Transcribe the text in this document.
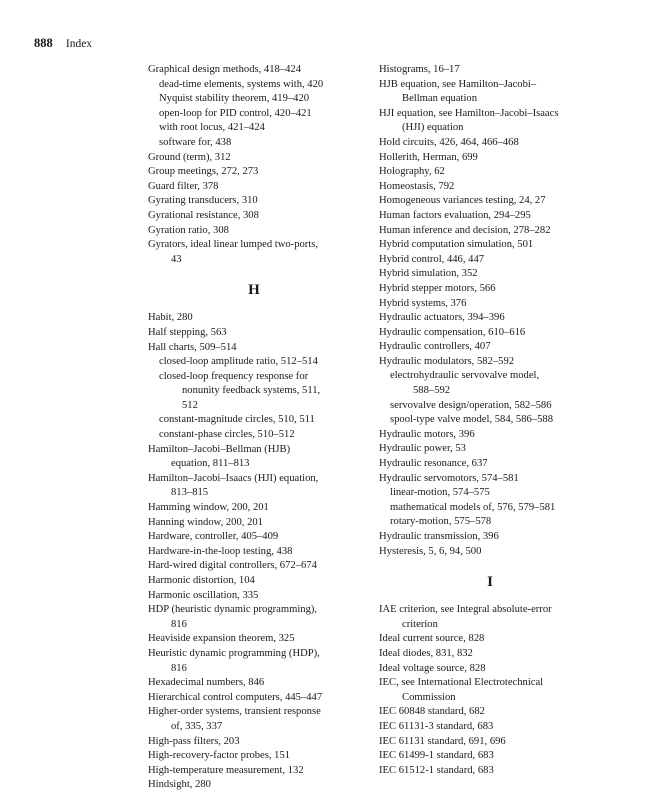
888 Index
Graphical design methods, 418–424
dead-time elements, systems with, 420
Nyquist stability theorem, 419–420
open-loop for PID control, 420–421
with root locus, 421–424
software for, 438
Ground (term), 312
Group meetings, 272, 273
Guard filter, 378
Gyrating transducers, 310
Gyrational resistance, 308
Gyration ratio, 308
Gyrators, ideal linear lumped two-ports,
43
H
Habit, 280
Half stepping, 563
Hall charts, 509–514
closed-loop amplitude ratio, 512–514
closed-loop frequency response for
nonunity feedback systems, 511,
512
constant-magnitude circles, 510, 511
constant-phase circles, 510–512
Hamilton–Jacobi–Bellman (HJB)
equation, 811–813
Hamilton–Jacobi–Isaacs (HJI) equation,
813–815
Hamming window, 200, 201
Hanning window, 200, 201
Hardware, controller, 405–409
Hardware-in-the-loop testing, 438
Hard-wired digital controllers, 672–674
Harmonic distortion, 104
Harmonic oscillation, 335
HDP (heuristic dynamic programming),
816
Heaviside expansion theorem, 325
Heuristic dynamic programming (HDP),
816
Hexadecimal numbers, 846
Hierarchical control computers, 445–447
Higher-order systems, transient response
of, 335, 337
High-pass filters, 203
High-recovery-factor probes, 151
High-temperature measurement, 132
Hindsight, 280
Histograms, 16–17
HJB equation, see Hamilton–Jacobi–
Bellman equation
HJI equation, see Hamilton–Jacobi–Isaacs
(HJI) equation
Hold circuits, 426, 464, 466–468
Hollerith, Herman, 699
Holography, 62
Homeostasis, 792
Homogeneous variances testing, 24, 27
Human factors evaluation, 294–295
Human inference and decision, 278–282
Hybrid computation simulation, 501
Hybrid control, 446, 447
Hybrid simulation, 352
Hybrid stepper motors, 566
Hybrid systems, 376
Hydraulic actuators, 394–396
Hydraulic compensation, 610–616
Hydraulic controllers, 407
Hydraulic modulators, 582–592
electrohydraulic servovalve model,
588–592
servovalve design/operation, 582–586
spool-type valve model, 584, 586–588
Hydraulic motors, 396
Hydraulic power, 53
Hydraulic resonance, 637
Hydraulic servomotors, 574–581
linear-motion, 574–575
mathematical models of, 576, 579–581
rotary-motion, 575–578
Hydraulic transmission, 396
Hysteresis, 5, 6, 94, 500
I
IAE criterion, see Integral absolute-error
criterion
Ideal current source, 828
Ideal diodes, 831, 832
Ideal voltage source, 828
IEC, see International Electrotechnical
Commission
IEC 60848 standard, 682
IEC 61131-3 standard, 683
IEC 61131 standard, 691, 696
IEC 61499-1 standard, 683
IEC 61512-1 standard, 683
